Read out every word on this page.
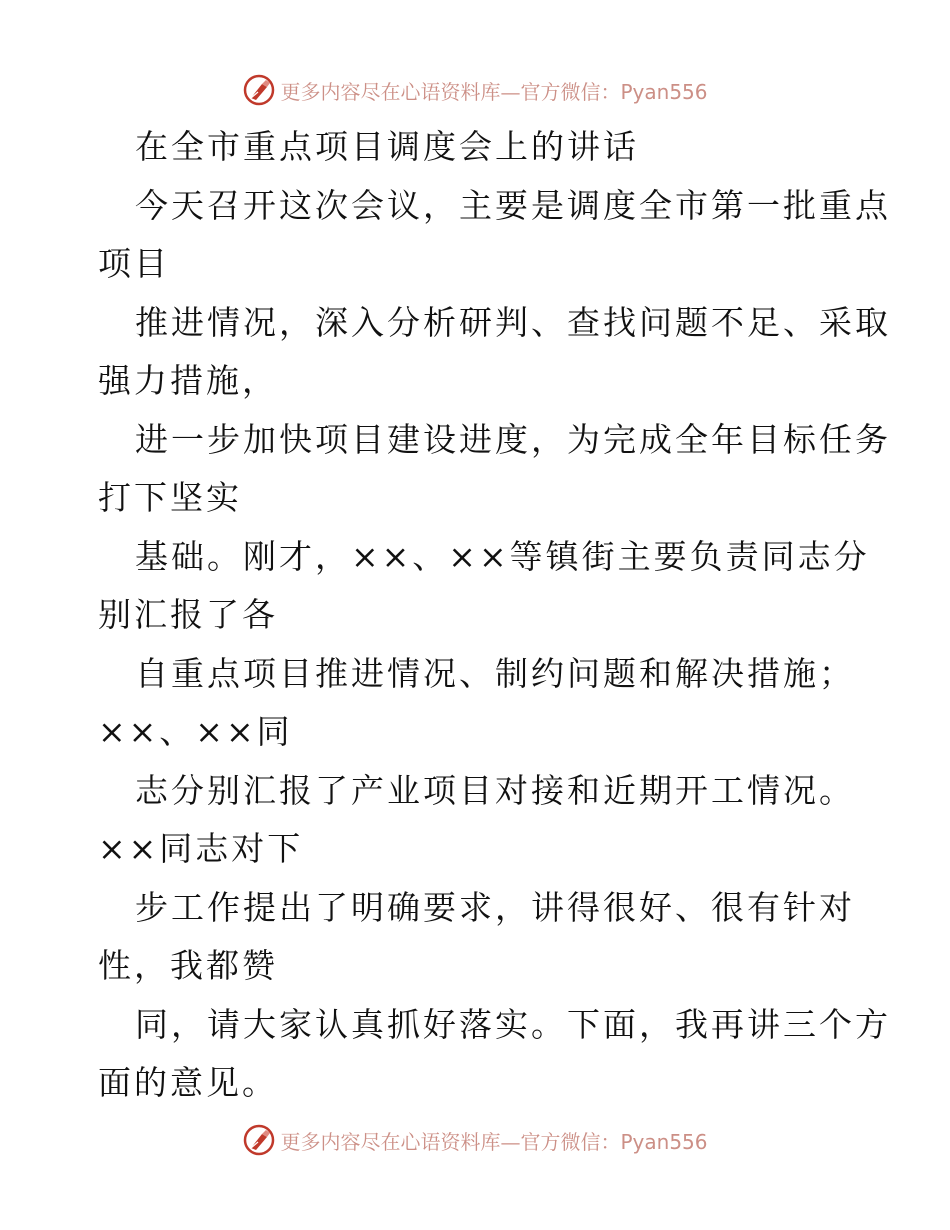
更多内容尽在心语资料库—官方微信：Pyan556

在全市重点项目调度会上的讲话

今天召开这次会议，主要是调度全市第一批重点
项目

推进情况，深入分析研判、查找问题不足、采取
强力措施，

进一步加快项目建设进度，为完成全年目标任务
打下坚实

基础。刚才，××、××等镇街主要负责同志分
别汇报了各

自重点项目推进情况、制约问题和解决措施；
××、××同

志分别汇报了产业项目对接和近期开工情况。
××同志对下

步工作提出了明确要求，讲得很好、很有针对
性，我都赞

同，请大家认真抓好落实。下面，我再讲三个方
面的意见。

更多内容尽在心语资料库—官方微信：Pyan556
